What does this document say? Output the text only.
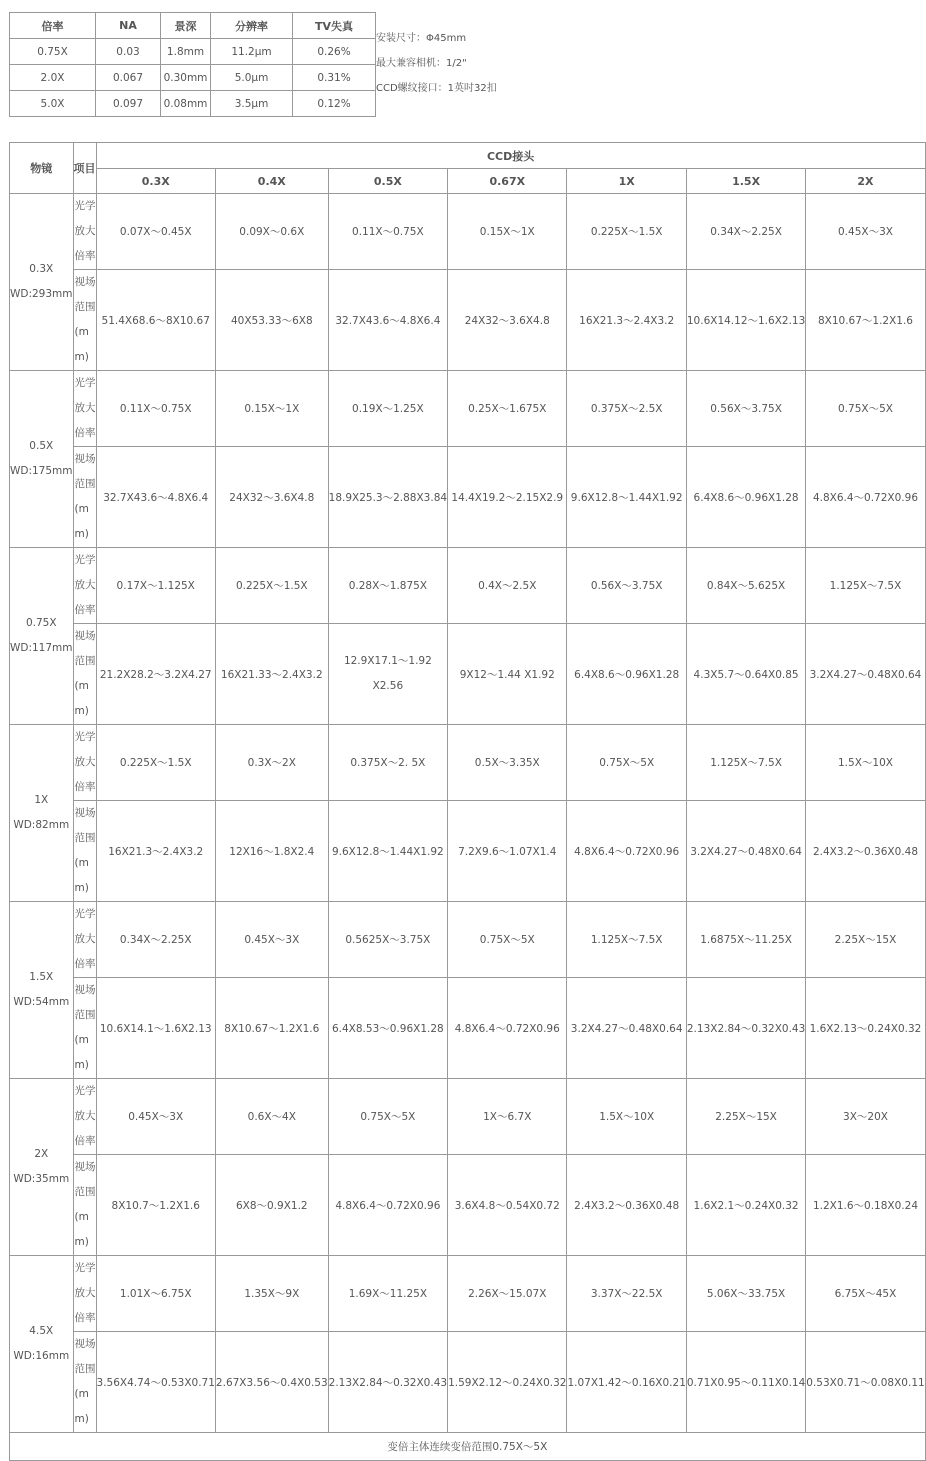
倍率	NA	景深	分辨率	TV失真
0.75X	0.03	1.8mm	11.2μm	0.26%
2.0X	0.067	0.30mm	5.0μm	0.31%
5.0X	0.097	0.08mm	3.5μm	0.12%
安装尺寸：Φ45mm
最大兼容相机：1/2"
CCD螺纹接口：1英吋32扣
物镜	项目	CCD接头						
		0.3X	0.4X	0.5X	0.67X	1X	1.5X	2X

0.3X
WD:293mm	光学放大倍率	0.07X～0.45X	0.09X～0.6X	0.11X～0.75X	0.15X～1X	0.225X～1.5X	0.34X～2.25X	0.45X～3X
	视场范围(mm)	51.4X68.6～8X10.67	40X53.33～6X8	32.7X43.6～4.8X6.4	24X32～3.6X4.8	16X21.3～2.4X3.2	10.6X14.12～1.6X2.13	8X10.67～1.2X1.6

0.5X
WD:175mm	光学放大倍率	0.11X～0.75X	0.15X～1X	0.19X～1.25X	0.25X～1.675X	0.375X～2.5X	0.56X～3.75X	0.75X～5X
	视场范围(mm)	32.7X43.6～4.8X6.4	24X32～3.6X4.8	18.9X25.3～2.88X3.84	14.4X19.2～2.15X2.9	9.6X12.8～1.44X1.92	6.4X8.6～0.96X1.28	4.8X6.4～0.72X0.96

0.75X
WD:117mm	光学放大倍率	0.17X～1.125X	0.225X～1.5X	0.28X～1.875X	0.4X～2.5X	0.56X～3.75X	0.84X～5.625X	1.125X～7.5X
	视场范围(mm)	21.2X28.2～3.2X4.27	16X21.33～2.4X3.2	12.9X17.1～1.92 X2.56	9X12～1.44 X1.92	6.4X8.6～0.96X1.28	4.3X5.7～0.64X0.85	3.2X4.27～0.48X0.64

1X
WD:82mm	光学放大倍率	0.225X～1.5X	0.3X～2X	0.375X～2. 5X	0.5X～3.35X	0.75X～5X	1.125X～7.5X	1.5X～10X
	视场范围(mm)	16X21.3～2.4X3.2	12X16～1.8X2.4	9.6X12.8～1.44X1.92	7.2X9.6～1.07X1.4	4.8X6.4～0.72X0.96	3.2X4.27～0.48X0.64	2.4X3.2～0.36X0.48

1.5X
WD:54mm	光学放大倍率	0.34X～2.25X	0.45X～3X	0.5625X～3.75X	0.75X～5X	1.125X～7.5X	1.6875X～11.25X	2.25X～15X
	视场范围(mm)	10.6X14.1～1.6X2.13	8X10.67～1.2X1.6	6.4X8.53～0.96X1.28	4.8X6.4～0.72X0.96	3.2X4.27～0.48X0.64	2.13X2.84～0.32X0.43	1.6X2.13～0.24X0.32

2X
WD:35mm	光学放大倍率	0.45X～3X	0.6X～4X	0.75X～5X	1X～6.7X	1.5X～10X	2.25X～15X	3X～20X
	视场范围(mm)	8X10.7～1.2X1.6	6X8～0.9X1.2	4.8X6.4～0.72X0.96	3.6X4.8～0.54X0.72	2.4X3.2～0.36X0.48	1.6X2.1～0.24X0.32	1.2X1.6～0.18X0.24

4.5X
WD:16mm	光学放大倍率	1.01X～6.75X	1.35X～9X	1.69X～11.25X	2.26X～15.07X	3.37X～22.5X	5.06X～33.75X	6.75X～45X
	视场范围(mm)	3.56X4.74～0.53X0.71	2.67X3.56～0.4X0.53	2.13X2.84～0.32X0.43	1.59X2.12～0.24X0.32	1.07X1.42～0.16X0.21	0.71X0.95～0.11X0.14	0.53X0.71～0.08X0.11
变倍主体连续变倍范围0.75X～5X								
